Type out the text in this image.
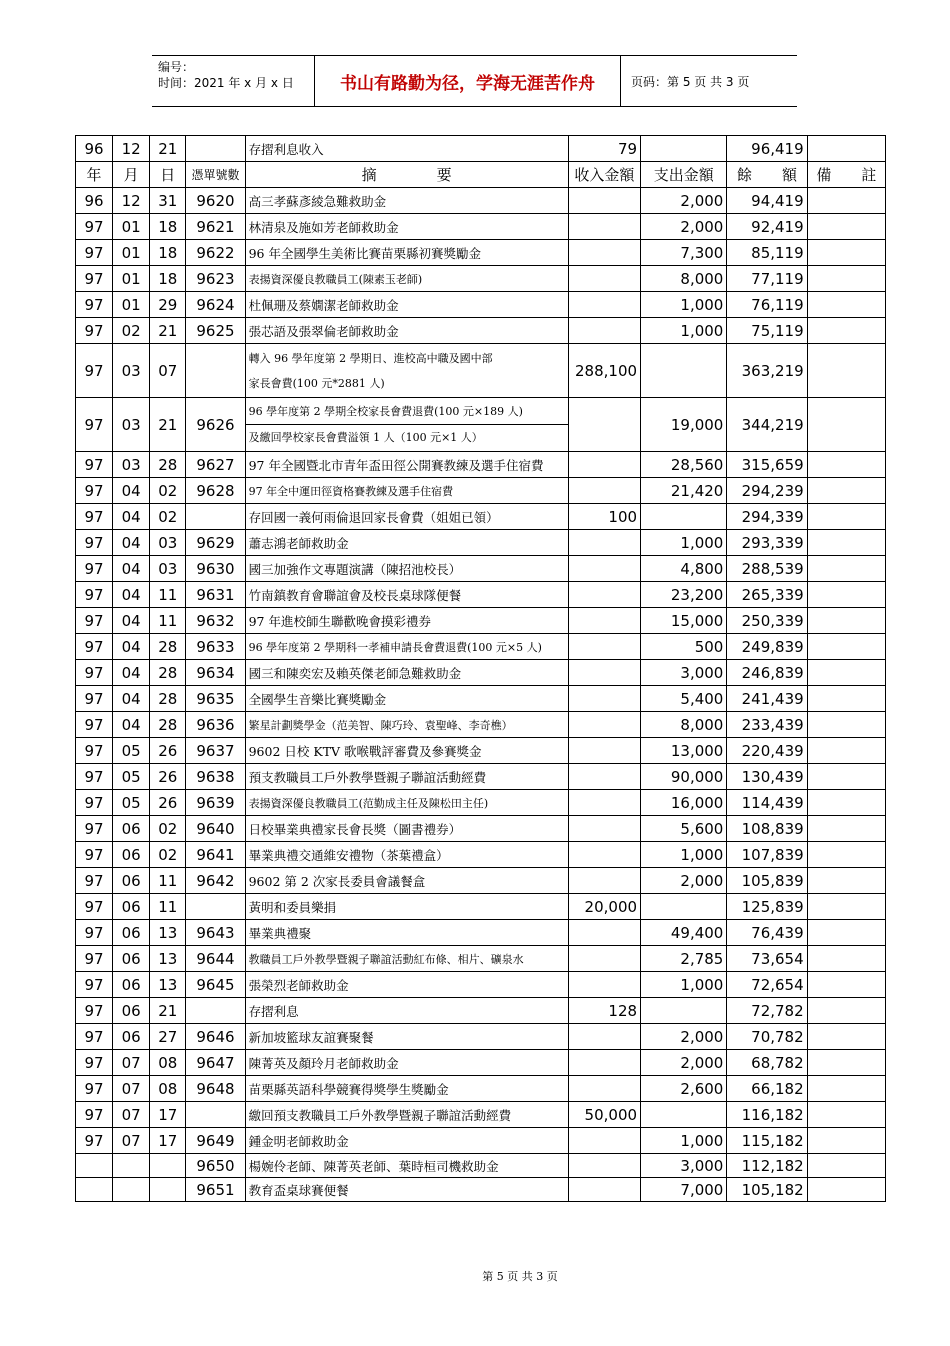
编号：
时间：2021 年 x 月 x 日	书山有路勤为径，学海无涯苦作舟	页码：第 5 页 共 3 页
96	12	21		存摺利息收入	79		96,419	
年	月	日	憑單號數	摘　　　　要	收入金額	支出金額	餘　　額	備　　註
96	12	31	9620	高三孝蘇彥綾急難救助金		2,000	94,419	
97	01	18	9621	林清泉及施如芳老師救助金		2,000	92,419	
97	01	18	9622	96 年全國學生美術比賽苗栗縣初賽獎勵金		7,300	85,119	
97	01	18	9623	表揚資深優良教職員工(陳素玉老師)		8,000	77,119	
97	01	29	9624	杜佩珊及蔡嫺潔老師救助金		1,000	76,119	
97	02	21	9625	張芯語及張翠倫老師救助金		1,000	75,119	
97	03	07		轉入 96 學年度第 2 學期日、進校高中職及國中部
家長會費(100 元*2881 人)	288,100		363,219	
97	03	21	9626	96 學年度第 2 學期全校家長會費退費(100 元×189 人)
及繳回學校家長會費溢領 1 人（100 元×1 人）		19,000	344,219	
97	03	28	9627	97 年全國暨北市青年盃田徑公開賽教練及選手住宿費		28,560	315,659	
97	04	02	9628	97 年全中運田徑資格賽教練及選手住宿費		21,420	294,239	
97	04	02		存回國一義何雨倫退回家長會費（姐姐已領）	100		294,339	
97	04	03	9629	蕭志鴻老師救助金		1,000	293,339	
97	04	03	9630	國三加強作文專題演講（陳招池校長）		4,800	288,539	
97	04	11	9631	竹南鎮教育會聯誼會及校長桌球隊便餐		23,200	265,339	
97	04	11	9632	97 年進校師生聯歡晚會摸彩禮券		15,000	250,339	
97	04	28	9633	96 學年度第 2 學期科一孝補申請長會費退費(100 元×5 人)		500	249,839	
97	04	28	9634	國三和陳奕宏及賴英傑老師急難救助金		3,000	246,839	
97	04	28	9635	全國學生音樂比賽獎勵金		5,400	241,439	
97	04	28	9636	繁星計劃獎學金（范美智、陳巧玲、袁聖峰、李奇樵）		8,000	233,439	
97	05	26	9637	9602 日校 KTV 歌喉戰評審費及參賽獎金		13,000	220,439	
97	05	26	9638	預支教職員工戶外教學暨親子聯誼活動經費		90,000	130,439	
97	05	26	9639	表揚資深優良教職員工(范勤成主任及陳松田主任)		16,000	114,439	
97	06	02	9640	日校畢業典禮家長會長獎（圖書禮券）		5,600	108,839	
97	06	02	9641	畢業典禮交通維安禮物（茶葉禮盒）		1,000	107,839	
97	06	11	9642	9602 第 2 次家長委員會議餐盒		2,000	105,839	
97	06	11		黃明和委員樂捐	20,000		125,839	
97	06	13	9643	畢業典禮聚		49,400	76,439	
97	06	13	9644	教職員工戶外教學暨親子聯誼活動紅布條、相片、礦泉水		2,785	73,654	
97	06	13	9645	張榮烈老師救助金		1,000	72,654	
97	06	21		存摺利息	128		72,782	
97	06	27	9646	新加坡籃球友誼賽聚餐		2,000	70,782	
97	07	08	9647	陳菁英及顏玲月老師救助金		2,000	68,782	
97	07	08	9648	苗栗縣英語科學競賽得獎學生獎勵金		2,600	66,182	
97	07	17		繳回預支教職員工戶外教學暨親子聯誼活動經費	50,000		116,182	
97	07	17	9649	鍾金明老師救助金		1,000	115,182	
			9650	楊婉伶老師、陳菁英老師、葉時桓司機救助金		3,000	112,182	
			9651	教育盃桌球賽便餐		7,000	105,182	
第 5 页 共 3 页
